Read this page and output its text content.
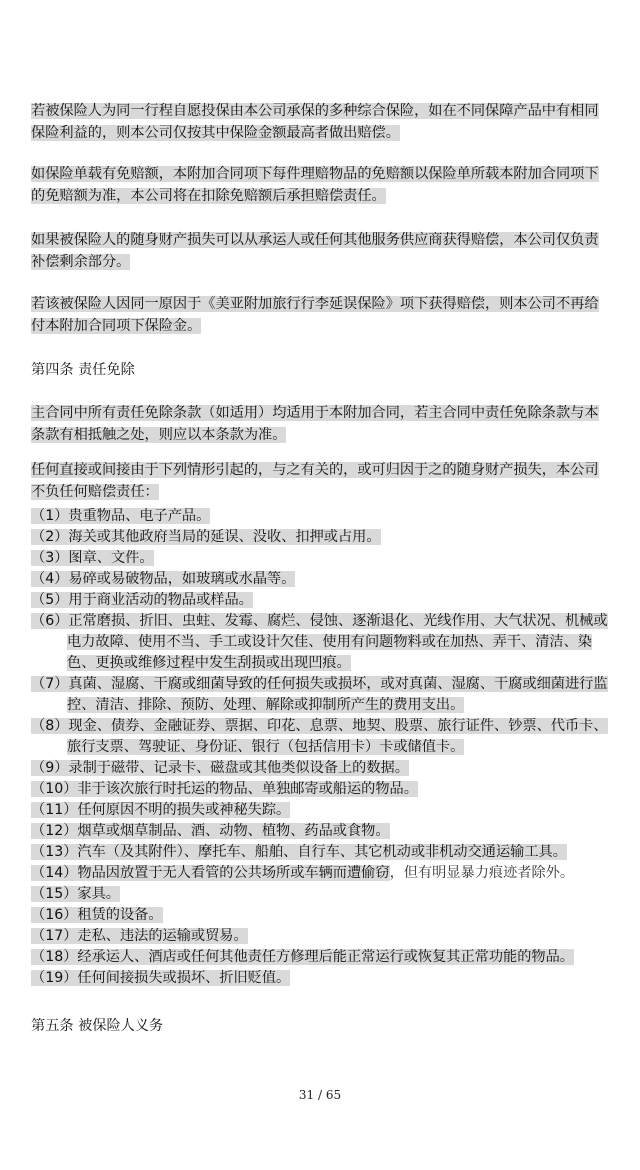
若被保险人为同一行程自愿投保由本公司承保的多种综合保险，如在不同保障产品中有相同保险利益的，则本公司仅按其中保险金额最高者做出赔偿。
如保险单载有免赔额，本附加合同项下每件理赔物品的免赔额以保险单所载本附加合同项下的免赔额为准，本公司将在扣除免赔额后承担赔偿责任。
如果被保险人的随身财产损失可以从承运人或任何其他服务供应商获得赔偿，本公司仅负责补偿剩余部分。
若该被保险人因同一原因于《美亚附加旅行行李延误保险》项下获得赔偿，则本公司不再给付本附加合同项下保险金。
第四条 责任免除
主合同中所有责任免除条款（如适用）均适用于本附加合同，若主合同中责任免除条款与本条款有相抵触之处，则应以本条款为准。
任何直接或间接由于下列情形引起的，与之有关的，或可归因于之的随身财产损失，本公司不负任何赔偿责任：
（1）贵重物品、电子产品。
（2）海关或其他政府当局的延误、没收、扣押或占用。
（3）图章、文件。
（4）易碎或易破物品，如玻璃或水晶等。
（5）用于商业活动的物品或样品。
（6）正常磨损、折旧、虫蛀、发霉、腐烂、侵蚀、逐渐退化、光线作用、大气状况、机械或电力故障、使用不当、手工或设计欠佳、使用有问题物料或在加热、弄干、清洁、染色、更换或维修过程中发生刮损或出现凹痕。
（7）真菌、湿腐、干腐或细菌导致的任何损失或损坏，或对真菌、湿腐、干腐或细菌进行监控、清洁、排除、预防、处理、解除或抑制所产生的费用支出。
（8）现金、债券、金融证券、票据、印花、息票、地契、股票、旅行证件、钞票、代币卡、旅行支票、驾驶证、身份证、银行（包括信用卡）卡或储值卡。
（9）录制于磁带、记录卡、磁盘或其他类似设备上的数据。
（10）非于该次旅行时托运的物品、单独邮寄或船运的物品。
（11）任何原因不明的损失或神秘失踪。
（12）烟草或烟草制品、酒、动物、植物、药品或食物。
（13）汽车（及其附件）、摩托车、船舶、自行车、其它机动或非机动交通运输工具。
（14）物品因放置于无人看管的公共场所或车辆而遭偷窃，但有明显暴力痕迹者除外。
（15）家具。
（16）租赁的设备。
（17）走私、违法的运输或贸易。
（18）经承运人、酒店或任何其他责任方修理后能正常运行或恢复其正常功能的物品。
（19）任何间接损失或损坏、折旧贬值。
第五条 被保险人义务
31 / 65
